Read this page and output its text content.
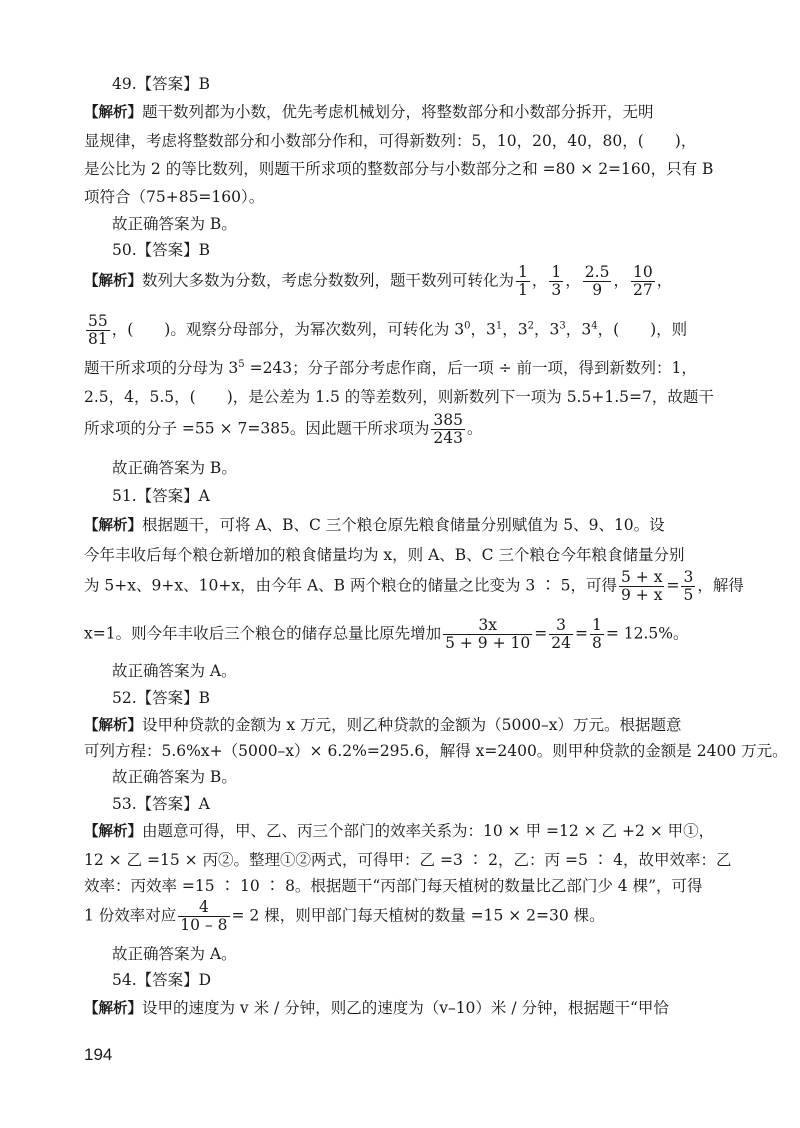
49.【答案】B
【解析】题干数列都为小数，优先考虑机械划分，将整数部分和小数部分拆开，无明
显规律，考虑将整数部分和小数部分作和，可得新数列：5，10，20，40，80，(　　)，
是公比为 2 的等比数列，则题干所求项的整数部分与小数部分之和 =80 × 2=160，只有 B
项符合（75+85=160）。
故正确答案为 B。
50.【答案】B
【解析】数列大多数为分数，考虑分数数列，题干数列可转化为 $\frac{1}{1}$ ， $\frac{1}{3}$ ， $\frac{2.5}{9}$ ， $\frac{10}{27}$ ，
$\frac{55}{81}$ ，(　　)。观察分母部分，为幂次数列，可转化为 $3^0$，$3^1$，$3^2$，$3^3$，$3^4$，(　　)，则
题干所求项的分母为 $3^5 =243$；分子部分考虑作商，后一项 ÷ 前一项，得到新数列：1，
2.5，4，5.5，(　　)，是公差为 1.5 的等差数列，则新数列下一项为 5.5+1.5=7，故题干
所求项的分子 =55 × 7=385。因此题干所求项为 $\frac{385}{243}$ 。
故正确答案为 B。
51.【答案】A
【解析】根据题干，可将 A、B、C 三个粮仓原先粮食储量分别赋值为 5、9、10。设
今年丰收后每个粮仓新增加的粮食储量均为 x，则 A、B、C 三个粮仓今年粮食储量分别
为 5+x、9+x、10+x，由今年 A、B 两个粮仓的储量之比变为 3 ∶ 5，可得 $\frac{5 + x}{9 + x} = \frac{3}{5}$ ，解得
x=1。则今年丰收后三个粮仓的储存总量比原先增加 $\frac{3x}{5 + 9 + 10} = \frac{3}{24} = \frac{1}{8} = 12.5\%$。
故正确答案为 A。
52.【答案】B
【解析】设甲种贷款的金额为 x 万元，则乙种贷款的金额为（5000–x）万元。根据题意
可列方程：5.6%x+（5000–x）× 6.2%=295.6，解得 x=2400。则甲种贷款的金额是 2400 万元。
故正确答案为 B。
53.【答案】A
【解析】由题意可得，甲、乙、丙三个部门的效率关系为：10 × 甲 =12 × 乙 +2 × 甲①，
12 × 乙 =15 × 丙②。整理①②两式，可得甲：乙 =3 ∶ 2，乙：丙 =5 ∶ 4，故甲效率：乙
效率：丙效率 =15 ∶ 10 ∶ 8。根据题干“丙部门每天植树的数量比乙部门少 4 棵”，可得
1 份效率对应 $\frac{4}{10 - 8} = 2$ 棵，则甲部门每天植树的数量 =15 × 2=30 棵。
故正确答案为 A。
54.【答案】D
【解析】设甲的速度为 v 米 / 分钟，则乙的速度为（v–10）米 / 分钟，根据题干“甲恰
194
